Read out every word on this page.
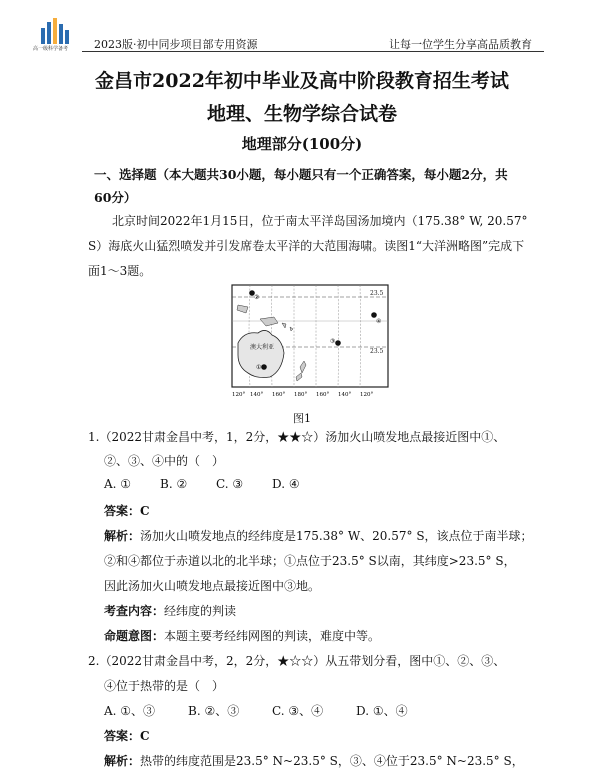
高一级科学备考 2023版·初中同步项目部专用资源	让每一位学生分享高品质教育
金昌市2022年初中毕业及高中阶段教育招生考试
地理、生物学综合试卷
地理部分(100分)
一、选择题（本大题共30小题，每小题只有一个正确答案，每小题2分，共60分）
北京时间2022年1月15日，位于南太平洋岛国汤加境内（175.38° W, 20.57° S）海底火山猛烈喷发并引发席卷太平洋的大范围海啸。读图1“大洋洲略图”完成下面1～3题。
23.5
23.5
澳大利亚
①
②
③
④
120° 140° 160° 180° 160° 140° 120°
图1
1.（2022甘肃金昌中考，1，2分，★★☆）汤加火山喷发地点最接近图中①、
②、③、④中的（　）
A. ① B. ② C. ③ D. ④
答案：C
解析：汤加火山喷发地点的经纬度是175.38° W、20.57° S，该点位于南半球；
②和④都位于赤道以北的北半球；①点位于23.5° S以南，其纬度>23.5° S，
因此汤加火山喷发地点最接近图中③地。
考查内容：经纬度的判读
命题意图：本题主要考经纬网图的判读，难度中等。
2.（2022甘肃金昌中考，2，2分，★☆☆）从五带划分看，图中①、②、③、
④位于热带的是（　）
A. ①、③	B. ②、③	C. ③、④	D. ①、④
答案：C
解析：热带的纬度范围是23.5° N~23.5° S，③、④位于23.5° N~23.5° S，
